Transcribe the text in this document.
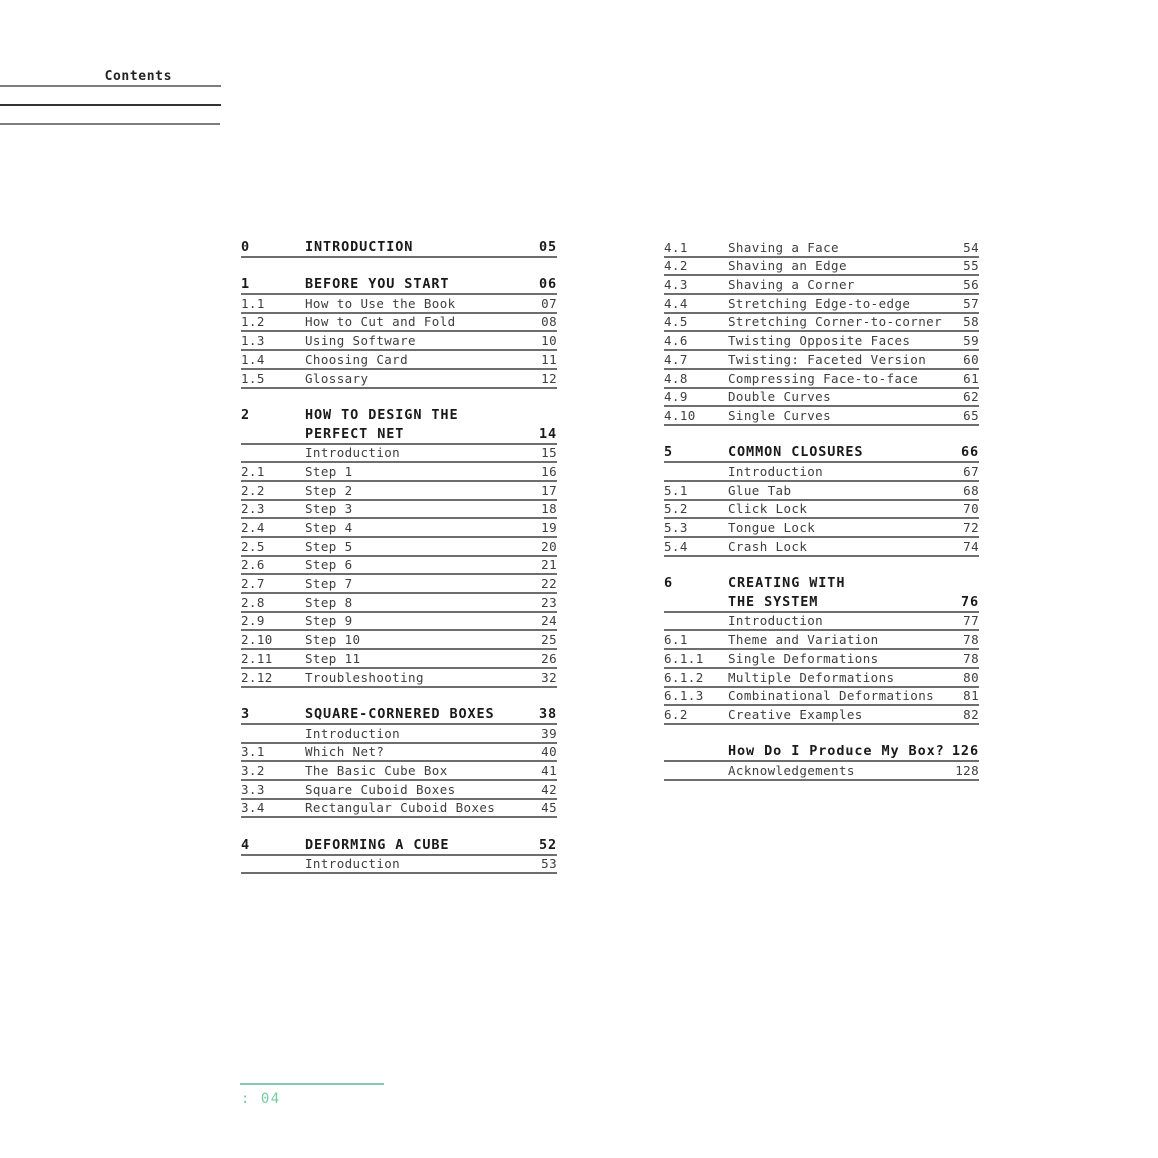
Contents
0	INTRODUCTION	05
1	BEFORE YOU START	06
1.1	How to Use the Book	07
1.2	How to Cut and Fold	08
1.3	Using Software	10
1.4	Choosing Card	11
1.5	Glossary	12
2	HOW TO DESIGN THE
PERFECT NET	14
Introduction	15
2.1	Step 1	16
2.2	Step 2	17
2.3	Step 3	18
2.4	Step 4	19
2.5	Step 5	20
2.6	Step 6	21
2.7	Step 7	22
2.8	Step 8	23
2.9	Step 9	24
2.10	Step 10	25
2.11	Step 11	26
2.12	Troubleshooting	32
3	SQUARE-CORNERED BOXES	38
Introduction	39
3.1	Which Net?	40
3.2	The Basic Cube Box	41
3.3	Square Cuboid Boxes	42
3.4	Rectangular Cuboid Boxes	45
4	DEFORMING A CUBE	52
Introduction	53
4.1	Shaving a Face	54
4.2	Shaving an Edge	55
4.3	Shaving a Corner	56
4.4	Stretching Edge-to-edge	57
4.5	Stretching Corner-to-corner	58
4.6	Twisting Opposite Faces	59
4.7	Twisting: Faceted Version	60
4.8	Compressing Face-to-face	61
4.9	Double Curves	62
4.10	Single Curves	65
5	COMMON CLOSURES	66
Introduction	67
5.1	Glue Tab	68
5.2	Click Lock	70
5.3	Tongue Lock	72
5.4	Crash Lock	74
6	CREATING WITH
THE SYSTEM	76
Introduction	77
6.1	Theme and Variation	78
6.1.1	Single Deformations	78
6.1.2	Multiple Deformations	80
6.1.3	Combinational Deformations	81
6.2	Creative Examples	82
How Do I Produce My Box? 126
Acknowledgements	128
: 04
